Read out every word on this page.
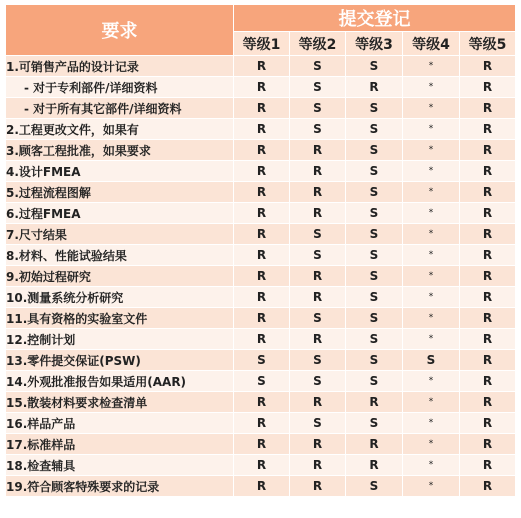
要求	提交登记				
	等级1	等级2	等级3	等级4	等级5
1.可销售产品的设计记录	R	S	S	*	R
- 对于专利部件/详细资料	R	S	R	*	R
- 对于所有其它部件/详细资料	R	S	S	*	R
2.工程更改文件，如果有	R	S	S	*	R
3.顾客工程批准，如果要求	R	R	S	*	R
4.设计FMEA	R	R	S	*	R
5.过程流程图解	R	R	S	*	R
6.过程FMEA	R	R	S	*	R
7.尺寸结果	R	S	S	*	R
8.材料、性能试验结果	R	S	S	*	R
9.初始过程研究	R	R	S	*	R
10.测量系统分析研究	R	R	S	*	R
11.具有资格的实验室文件	R	S	S	*	R
12.控制计划	R	R	S	*	R
13.零件提交保证(PSW)	S	S	S	S	R
14.外观批准报告如果适用(AAR)	S	S	S	*	R
15.散装材料要求检查清单	R	R	R	*	R
16.样品产品	R	S	S	*	R
17.标准样品	R	R	R	*	R
18.检查辅具	R	R	R	*	R
19.符合顾客特殊要求的记录	R	R	S	*	R
